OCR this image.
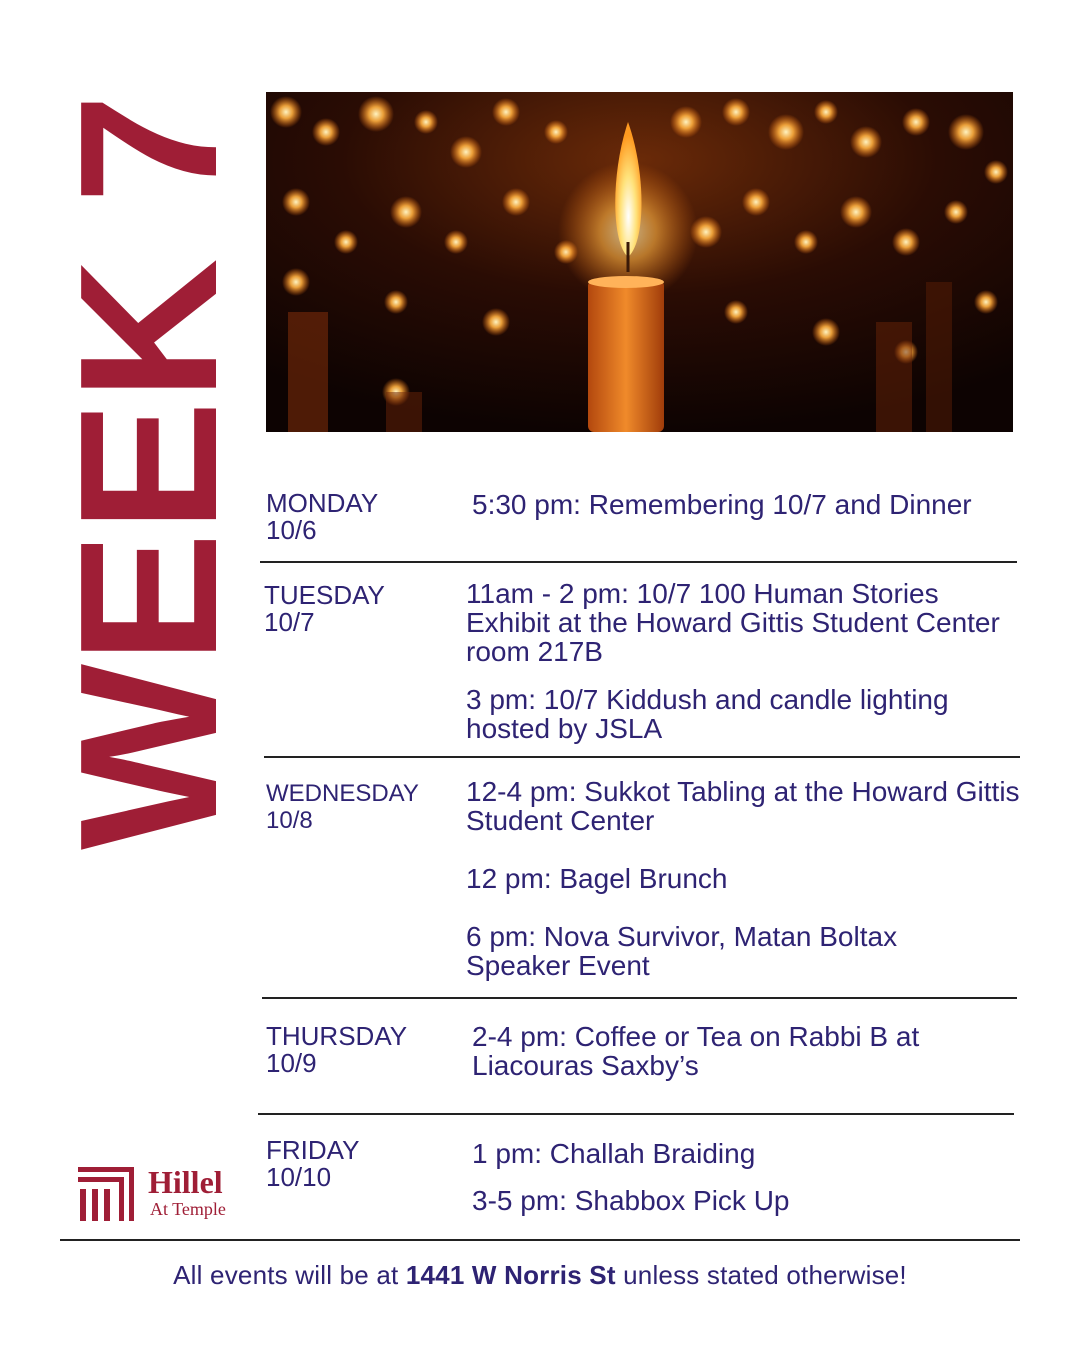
WEEK 7 MONDAY
10/6
5:30 pm: Remembering 10/7 and Dinner
TUESDAY
10/7
11am - 2 pm: 10/7 100 Human Stories Exhibit at the Howard Gittis Student Center room 217B
3 pm: 10/7 Kiddush and candle lighting hosted by JSLA
WEDNESDAY
10/8
12-4 pm: Sukkot Tabling at the Howard Gittis Student Center
12 pm: Bagel Brunch
6 pm: Nova Survivor, Matan Boltax Speaker Event
THURSDAY
10/9
2-4 pm: Coffee or Tea on Rabbi B at Liacouras Saxby’s
FRIDAY
10/10
1 pm: Challah Braiding
3-5 pm: Shabbox Pick Up
Hillel
At Temple
All events will be at 1441 W Norris St unless stated otherwise!
